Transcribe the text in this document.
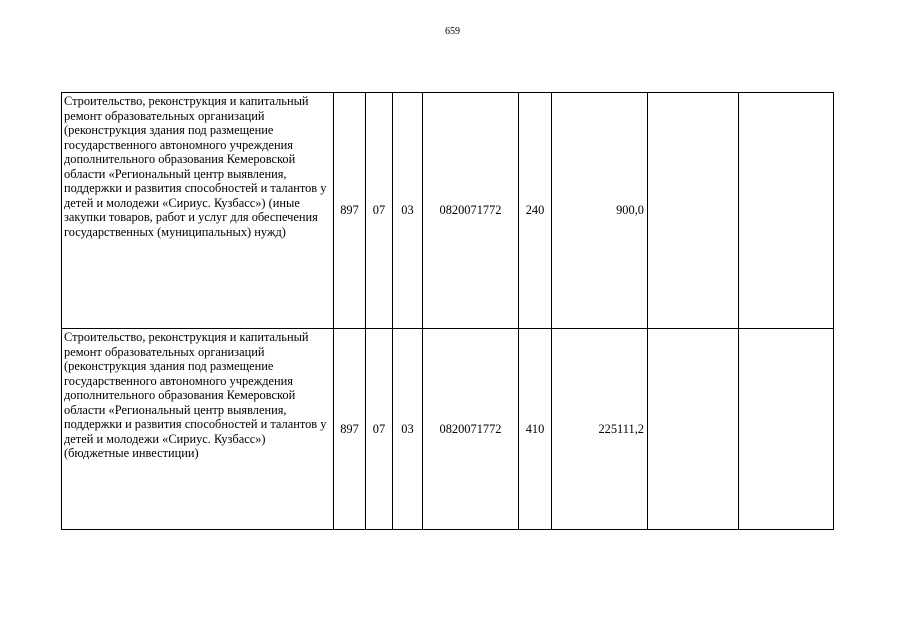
659
Строительство, реконструкция и капитальный ремонт образовательных организаций (реконструкция здания под размещение государственного автономного учреждения дополнительного образования Кемеровской области «Региональный центр выявления, поддержки и развития способностей и талантов у детей и молодежи «Сириус. Кузбасс») (иные закупки товаров, работ и услуг для обеспечения государственных (муниципальных) нужд)	897	07	03	0820071772	240	900,0		
Строительство, реконструкция и капитальный ремонт образовательных организаций (реконструкция здания под размещение государственного автономного учреждения дополнительного образования Кемеровской области «Региональный центр выявления, поддержки и развития способностей и талантов у детей и молодежи «Сириус. Кузбасс») (бюджетные инвестиции)	897	07	03	0820071772	410	225111,2		
